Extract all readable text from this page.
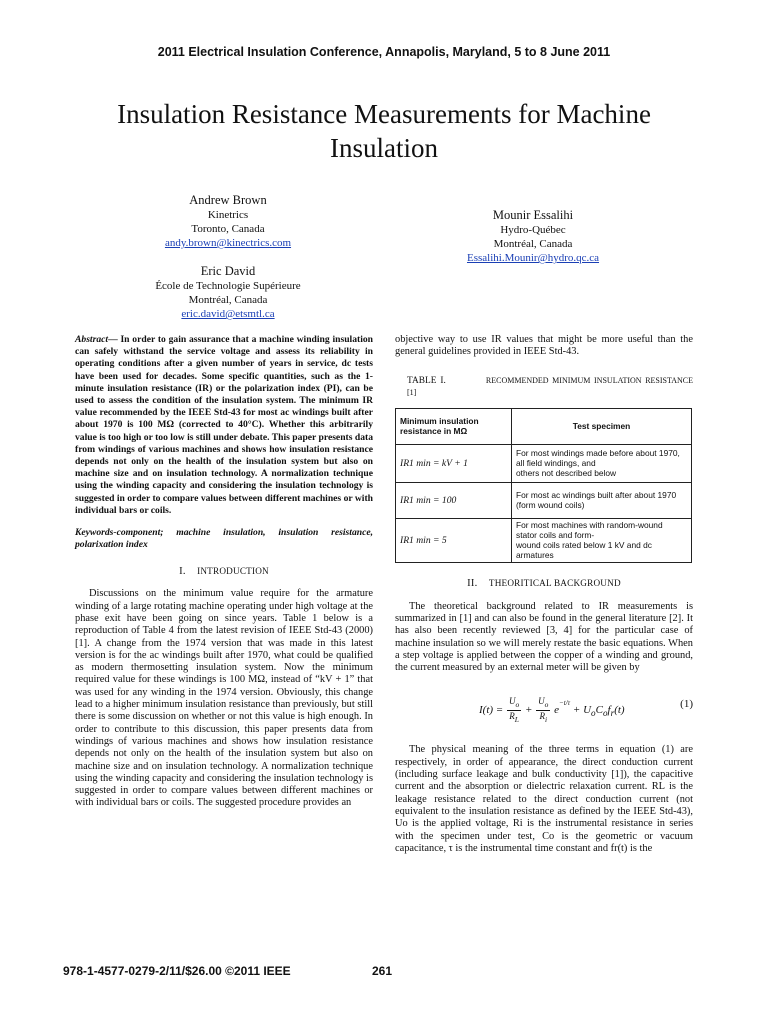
2011 Electrical Insulation Conference, Annapolis, Maryland, 5 to 8 June 2011
Insulation Resistance Measurements for Machine Insulation
Andrew Brown
Kinetrics
Toronto, Canada
andy.brown@kinectrics.com
Eric David
École de Technologie Supérieure
Montréal, Canada
eric.david@etsmtl.ca
Mounir Essalihi
Hydro-Québec
Montréal, Canada
Essalihi.Mounir@hydro.qc.ca

Abstract— In order to gain assurance that a machine winding insulation can safely withstand the service voltage and assess its reliability in operating conditions after a given number of years in service, dc tests have been used for decades. Some specific quantities, such as the 1-minute insulation resistance (IR) or the polarization index (PI), can be used to assess the condition of the insulation system. The minimum IR value recommended by the IEEE Std-43 for most ac windings built after about 1970 is 100 MΩ (corrected to 40°C). Whether this arbitrarily value is too high or too low is still under debate. This paper presents data from windings of various machines and shows how insulation resistance depends not only on the health of the insulation system but also on machine size and on insulation technology. A normalization technique using the winding capacity and considering the insulation technology is suggested in order to compare values between different machines or with individual bars or coils.

Keywords-component; machine insulation, insulation resistance, polarixation index

I. INTRODUCTION

Discussions on the minimum value require for the armature winding of a large rotating machine operating under high voltage at the phase exit have been going on since years. Table 1 below is a reproduction of Table 4 from the latest revision of IEEE Std-43 (2000) [1]. A change from the 1974 version that was made in this latest version is for the ac windings built after 1970, what could be qualified as modern thermosetting insulation system. Now the minimum required value for these windings is 100 MΩ, instead of “kV + 1” that was used for any winding in the 1974 version. Obviously, this change lead to a higher minimum insulation resistance than previously, but still there is some discussion on whether or not this value is high enough. In order to contribute to this discussion, this paper presents data from windings of various machines and shows how insulation resistance depends not only on the health of the insulation system but also on machine size and on insulation technology. A normalization technique using the winding capacity and considering the insulation technology is suggested in order to compare values between different machines or with individual bars or coils. The suggested procedure provides an

objective way to use IR values that might be more useful than the general guidelines provided in IEEE Std-43.

TABLE I.	RECOMMENDED MINIMUM INSULATION RESISTANCE [1]
Minimum insulation resistance in MΩ	Test specimen
IR1 min = kV + 1	For most windings made before about 1970,
all field windings, and
others not described below

IR1 min = 100	For most ac windings built after about 1970
(form wound coils)

IR1 min = 5	For most machines with random-wound
stator coils and form-
wound coils rated below 1 kV and dc
armatures
II. THEORITICAL BACKGROUND

The theoretical background related to IR measurements is summarized in [1] and can also be found in the general literature [2]. It has also been recently reviewed [3, 4] for the particular case of machine insulation so we will merely restate the basic equations. When a step voltage is applied between the copper of a winding and ground, the current measured by an external meter will be given by

$I(t) = \frac{U_o}{R_L} + \frac{U_o}{R_i} e^{-t/\tau} + U_oC_of_r(t)$	(1)

The physical meaning of the three terms in equation (1) are respectively, in order of appearance, the direct conduction current (including surface leakage and bulk conductivity [1]), the capacitive current and the absorption or dielectric relaxation current. RL is the leakage resistance related to the direct conduction current (not equivalent to the insulation resistance as defined by the IEEE Std-43), Uo is the applied voltage, Ri is the instrumental resistance in series with the specimen under test, Co is the geometric or vacuum capacitance, τ is the instrumental time constant and fr(t) is the

978-1-4577-0279-2/11/$26.00 ©2011 IEEE	261
